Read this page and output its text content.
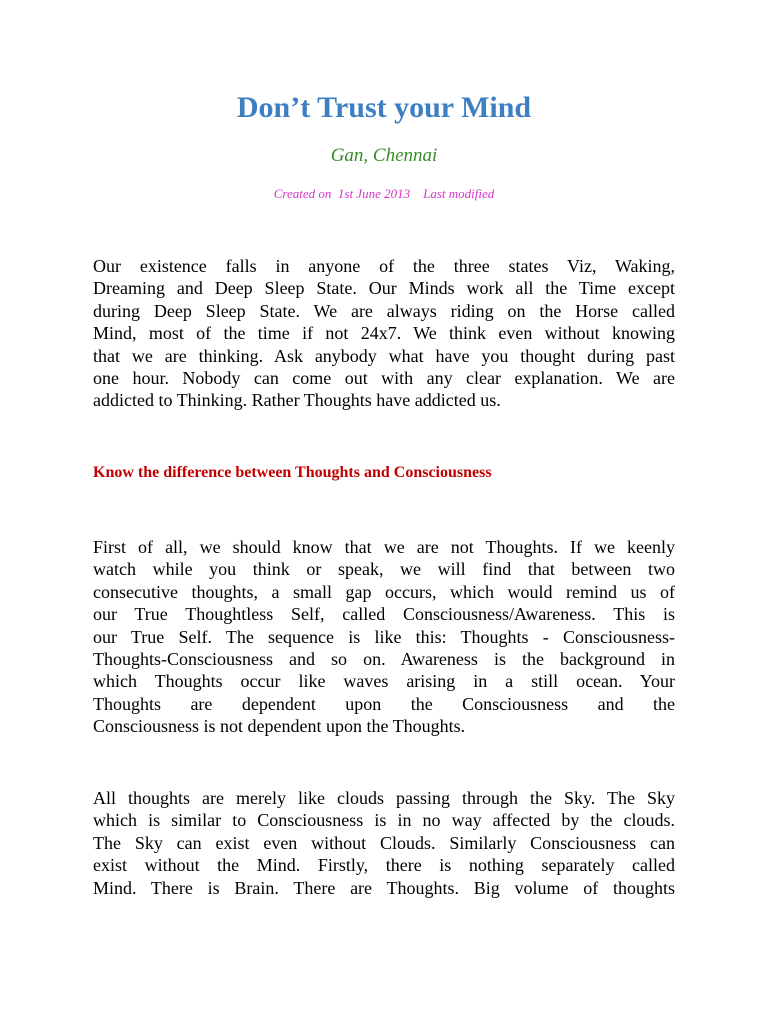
Don’t Trust your Mind
Gan, Chennai
Created on  1st June 2013    Last modified
Our existence falls in anyone of the three states Viz, Waking,
Dreaming and Deep Sleep State. Our Minds work all the Time except
during Deep Sleep State. We are always riding on the Horse called
Mind, most of the time if not 24x7. We think even without knowing
that we are thinking. Ask anybody what have you thought during past
one hour. Nobody can come out with any clear explanation. We are
addicted to Thinking. Rather Thoughts have addicted us.
Know the difference between Thoughts and Consciousness
First of all, we should know that we are not Thoughts. If we keenly
watch while you think or speak, we will find that between two
consecutive thoughts, a small gap occurs, which would remind us of
our True Thoughtless Self, called Consciousness/Awareness. This is
our True Self. The sequence is like this: Thoughts - Consciousness-
Thoughts-Consciousness and so on. Awareness is the background in
which Thoughts occur like waves arising in a still ocean. Your
Thoughts are dependent upon the Consciousness and the
Consciousness is not dependent upon the Thoughts.
All thoughts are merely like clouds passing through the Sky. The Sky
which is similar to Consciousness is in no way affected by the clouds.
The Sky can exist even without Clouds. Similarly Consciousness can
exist without the Mind. Firstly, there is nothing separately called
Mind. There is Brain. There are Thoughts. Big volume of thoughts
